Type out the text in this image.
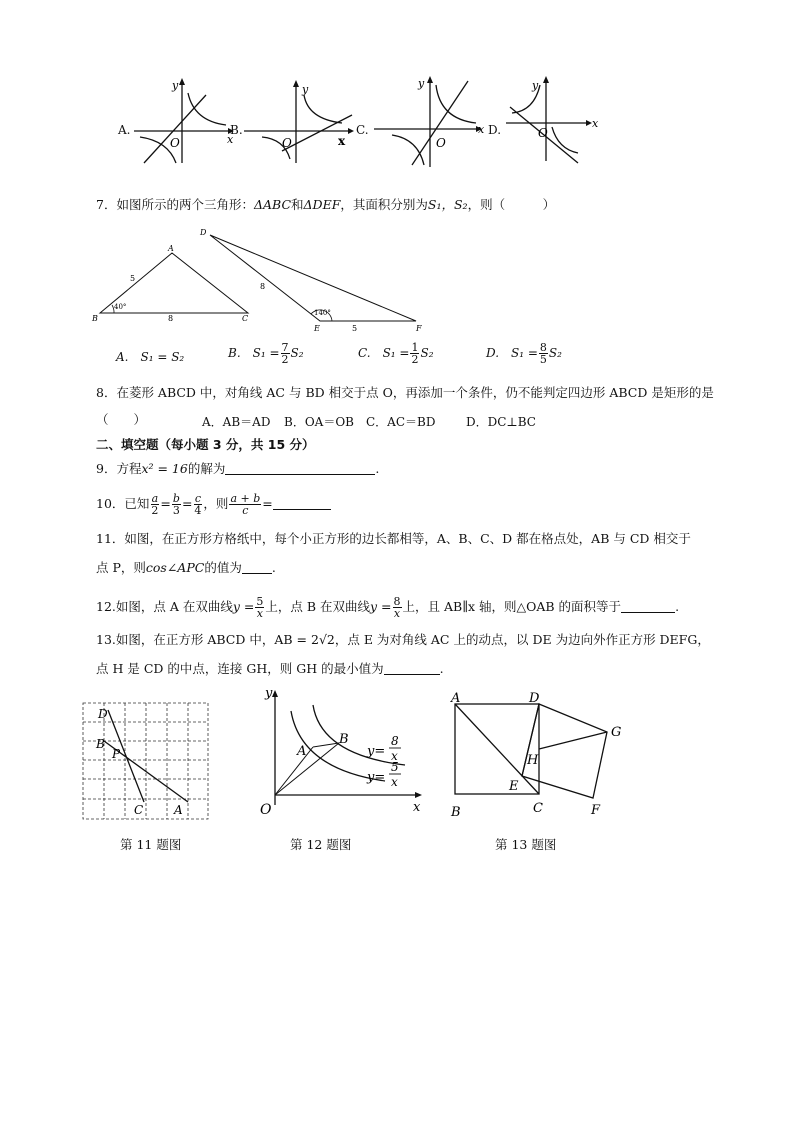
A.
O	x
y
B.
O	x
y
C.
O
x
y
D.	O
x
y
7．如图所示的两个三角形：ΔABC和ΔDEF，其面积分别为S₁，S₂，则（　　　）
A
B	C
5
8
40°
D
E	F
8
5
140°
A.　S₁ = S₂	B.　$S_1 = \frac{7}{2} S_2$	C.　$S_1 = \frac{1}{2} S_2$	D.　$S_1 = \frac{8}{5} S_2$
8．在菱形 ABCD 中，对角线 AC 与 BD 相交于点 O，再添加一个条件，仍不能判定四边形 ABCD 是矩形的是
（　　）	A．AB＝AD B．OA＝OB C．AC＝BD	D．DC⊥BC
二、填空题（每小题 3 分，共 15 分）
9．方程x² = 16的解为	.
10．已知 $\frac{a}{2} = \frac{b}{3} = \frac{c}{4}$ ，则 $\frac{a + b}{c}$ =
11．如图，在正方形方格纸中，每个小正方形的边长都相等，A、B、C、D 都在格点处，AB 与 CD 相交于
点 P，则cos∠APC的值为 .
12.如图，点 A 在双曲线$y = \frac{5}{x}$ 上，点 B 在双曲线$y = \frac{8}{x}$ 上，且 AB∥x 轴，则△OAB 的面积等于	.
13.如图，在正方形 ABCD 中，AB = 2√2，点 E 为对角线 AC 上的动点，以 DE 为边向外作正方形 DEFG，
点 H 是 CD 的中点，连接 GH，则 GH 的最小值为	.
D
B
P
C	A
第 11 题图
y
x
O
A
B
y=
8
x
y=
5
x
第 12 题图
A	D
G
H
E
B	C	F
第 13 题图
